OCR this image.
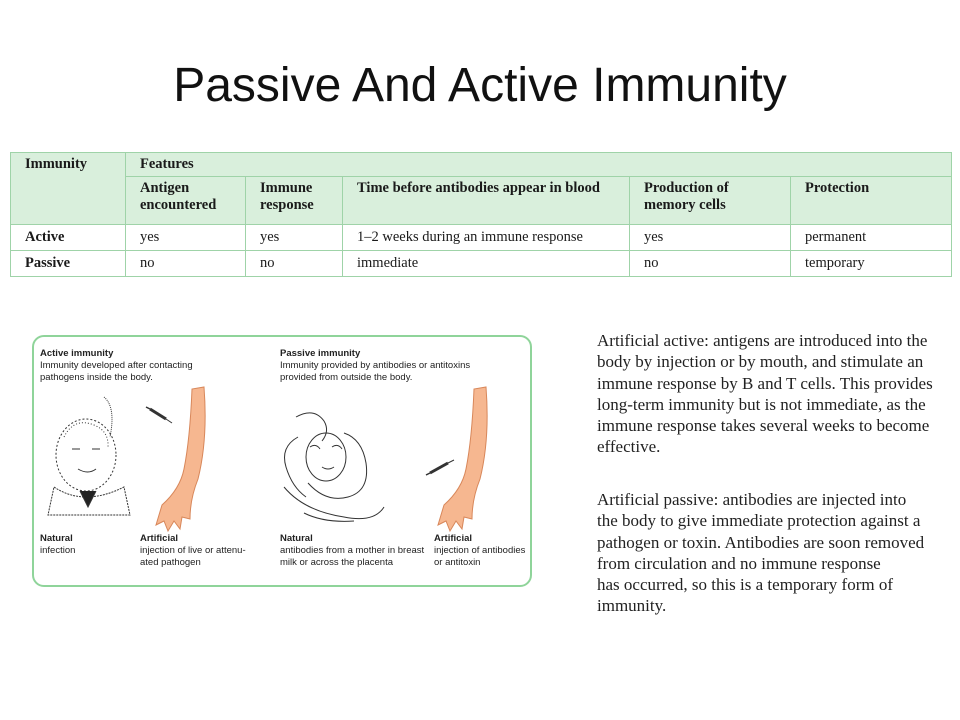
Passive And Active Immunity
Immunity	Features				
	Antigen encountered	Immune response	Time before antibodies appear in blood	Production of memory cells	Protection
Active	yes	yes	1–2 weeks during an immune response	yes	permanent
Passive	no	no	immediate	no	temporary
Active immunity
Immunity developed after contacting
pathogens inside the body.
Passive immunity
Immunity provided by antibodies or antitoxins
provided from outside the body.
Natural
infection
Artificial
injection of live or attenu-
ated pathogen
Natural
antibodies from a mother in breast
milk or across the placenta
Artificial
injection of antibodies
or antitoxin
Artificial active: antigens are introduced into the
body by injection or by mouth, and stimulate an
immune response by B and T cells. This provides
long-term immunity but is not immediate, as the
immune response takes several weeks to become
effective.
Artificial passive: antibodies are injected into
the body to give immediate protection against a
pathogen or toxin. Antibodies are soon removed
from circulation and no immune response
has occurred, so this is a temporary form of
immunity.
